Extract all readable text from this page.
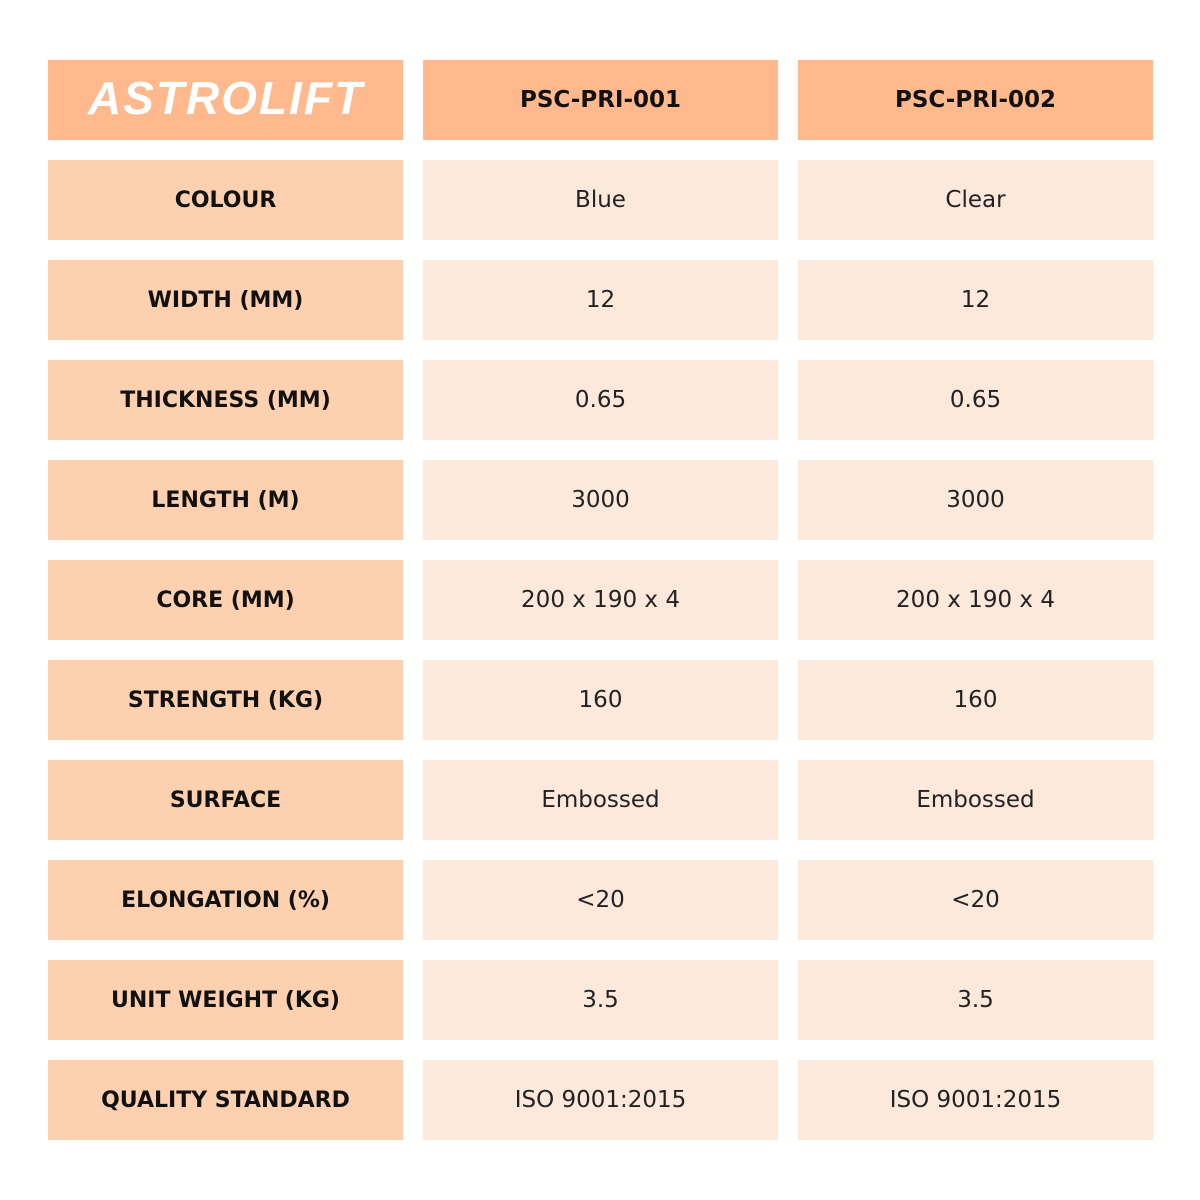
ASTROLIFT	PSC-PRI-001	PSC-PRI-002
COLOUR	Blue	Clear
WIDTH (MM)	12	12
THICKNESS (MM)	0.65	0.65
LENGTH (M)	3000	3000
CORE (MM)	200 x 190 x 4	200 x 190 x 4
STRENGTH (KG)	160	160
SURFACE	Embossed	Embossed
ELONGATION (%)	<20	<20
UNIT WEIGHT (KG)	3.5	3.5
QUALITY STANDARD	ISO 9001:2015	ISO 9001:2015
